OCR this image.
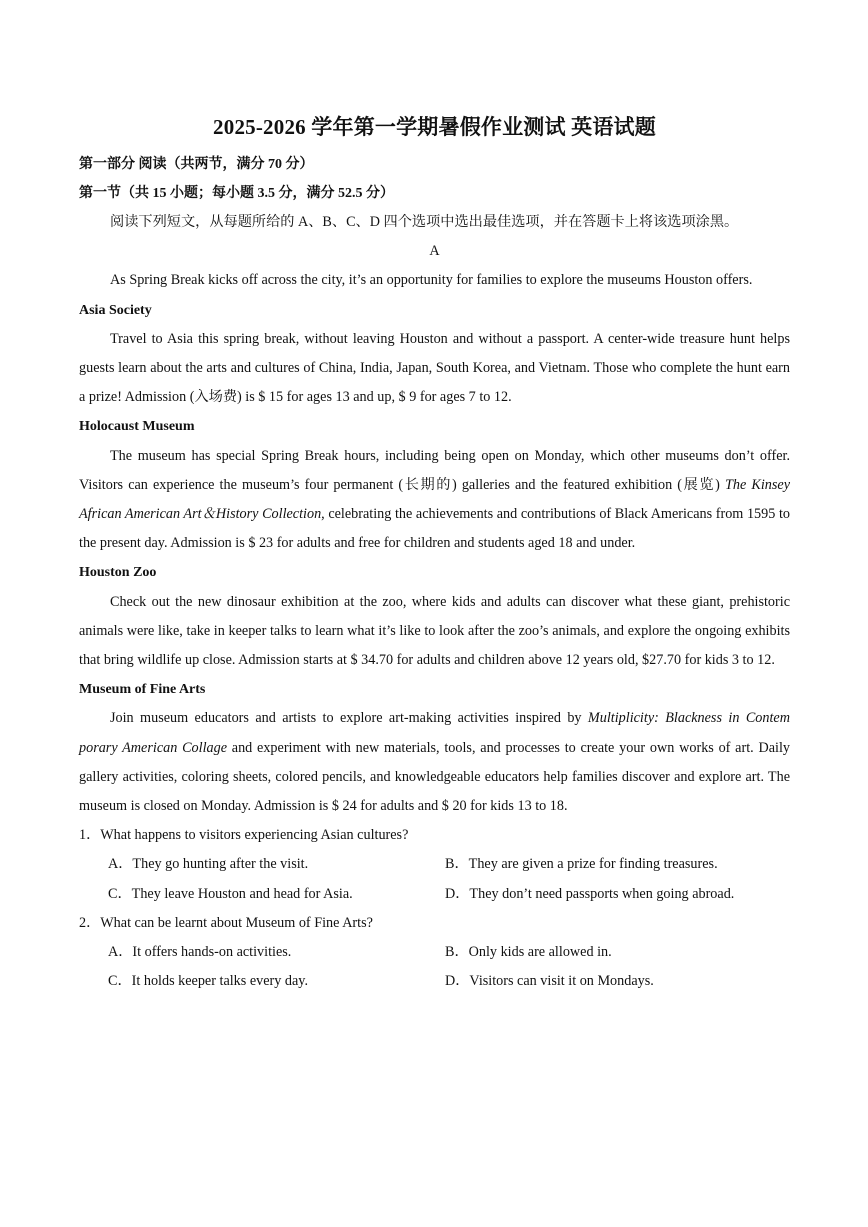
2025-2026 学年第一学期暑假作业测试 英语试题
第一部分 阅读（共两节，满分 70 分）
第一节（共 15 小题；每小题 3.5 分，满分 52.5 分）

阅读下列短文，从每题所给的 A、B、C、D 四个选项中选出最佳选项，并在答题卡上将该选项涂黑。

A

As Spring Break kicks off across the city, it’s an opportunity for families to explore the museums Houston offers.

Asia Society

Travel to Asia this spring break, without leaving Houston and without a passport. A center-wide treasure hunt helps guests learn about the arts and cultures of China, India, Japan, South Korea, and Vietnam. Those who complete the hunt earn a prize! Admission (入场费) is $ 15 for ages 13 and up, $ 9 for ages 7 to 12.

Holocaust Museum

The museum has special Spring Break hours, including being open on Monday, which other museums don’t offer. Visitors can experience the museum’s four permanent (长期的) galleries and the featured exhibition (展览) The Kinsey African American Art＆History Collection, celebrating the achievements and contributions of Black Americans from 1595 to the present day. Admission is $ 23 for adults and free for children and students aged 18 and under.

Houston Zoo

Check out the new dinosaur exhibition at the zoo, where kids and adults can discover what these giant, prehistoric animals were like, take in keeper talks to learn what it’s like to look after the zoo’s animals, and explore the ongoing exhibits that bring wildlife up close. Admission starts at $ 34.70 for adults and children above 12 years old, $27.70 for kids 3 to 12.

Museum of Fine Arts

Join museum educators and artists to explore art-making activities inspired by Multiplicity: Blackness in Contem porary American Collage and experiment with new materials, tools, and processes to create your own works of art. Daily gallery activities, coloring sheets, colored pencils, and knowledgeable educators help families discover and explore art. The museum is closed on Monday. Admission is $ 24 for adults and $ 20 for kids 13 to 18.

1．What happens to visitors experiencing Asian cultures?
A．They go hunting after the visit.	B．They are given a prize for finding treasures.
C．They leave Houston and head for Asia.	D．They don’t need passports when going abroad.
2．What can be learnt about Museum of Fine Arts?
A．It offers hands-on activities.	B．Only kids are allowed in.
C．It holds keeper talks every day.	D．Visitors can visit it on Mondays.
